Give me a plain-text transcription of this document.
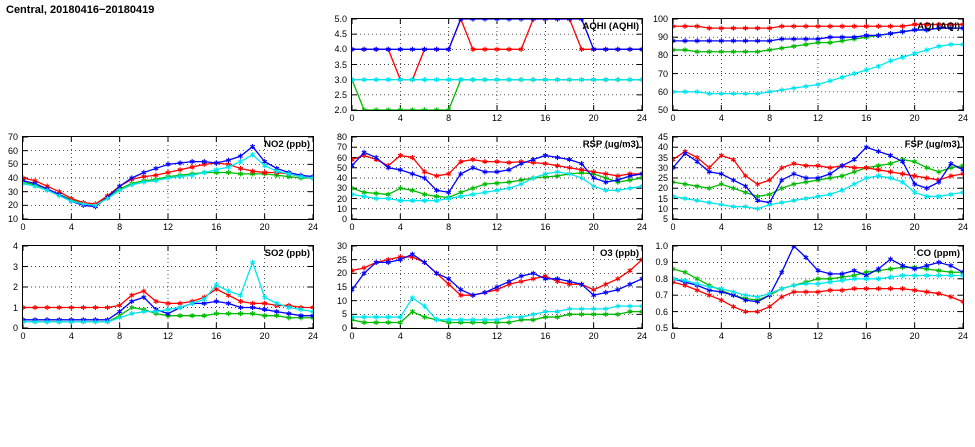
Central, 20180416−20180419
AQHI (AQHI)
0	4	8	12	16	20	24
2.0
2.5
3.0
3.5
4.0
4.5
5.0
AQI (AQI)
0	4	8	12	16	20	24
50
60
70
80
90
100
NO2 (ppb)
0	4	8	12	16	20	24
10
20
30
40
50
60
70
RSP (ug/m3)
0	4	8	12	16	20	24
0
10
20
30
40
50
60
70
80
FSP (ug/m3)
0	4	8	12	16	20	24
5
10
15
20
25
30
35
40
45
SO2 (ppb)
0	4	8	12	16	20	24
0
1
2
3
4
O3 (ppb)
0	4	8	12	16	20	24
0
5
10
15
20
25
30
CO (ppm)
0	4	8	12	16	20	24
0.5
0.6
0.7
0.8
0.9
1.0
